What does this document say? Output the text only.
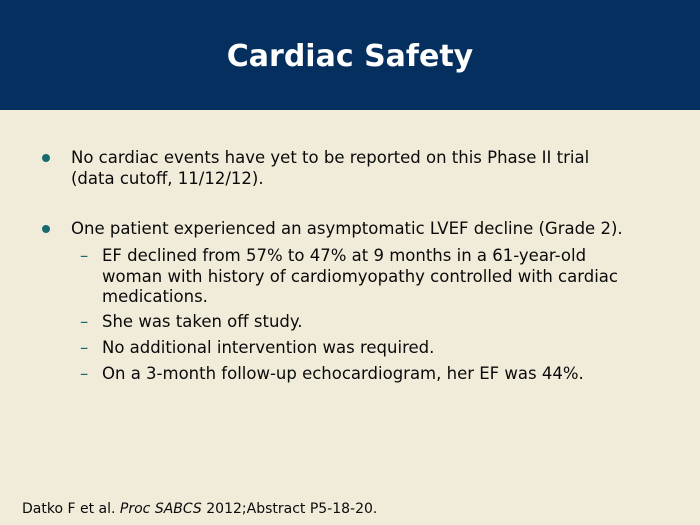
Cardiac Safety
No cardiac events have yet to be reported on this Phase II trial
(data cutoff, 11/12/12).
One patient experienced an asymptomatic LVEF decline (Grade 2).
– EF declined from 57% to 47% at 9 months in a 61-year-old
woman with history of cardiomyopathy controlled with cardiac
medications.
– She was taken off study.
– No additional intervention was required.
– On a 3-month follow-up echocardiogram, her EF was 44%.
Datko F et al. Proc SABCS 2012;Abstract P5-18-20.
